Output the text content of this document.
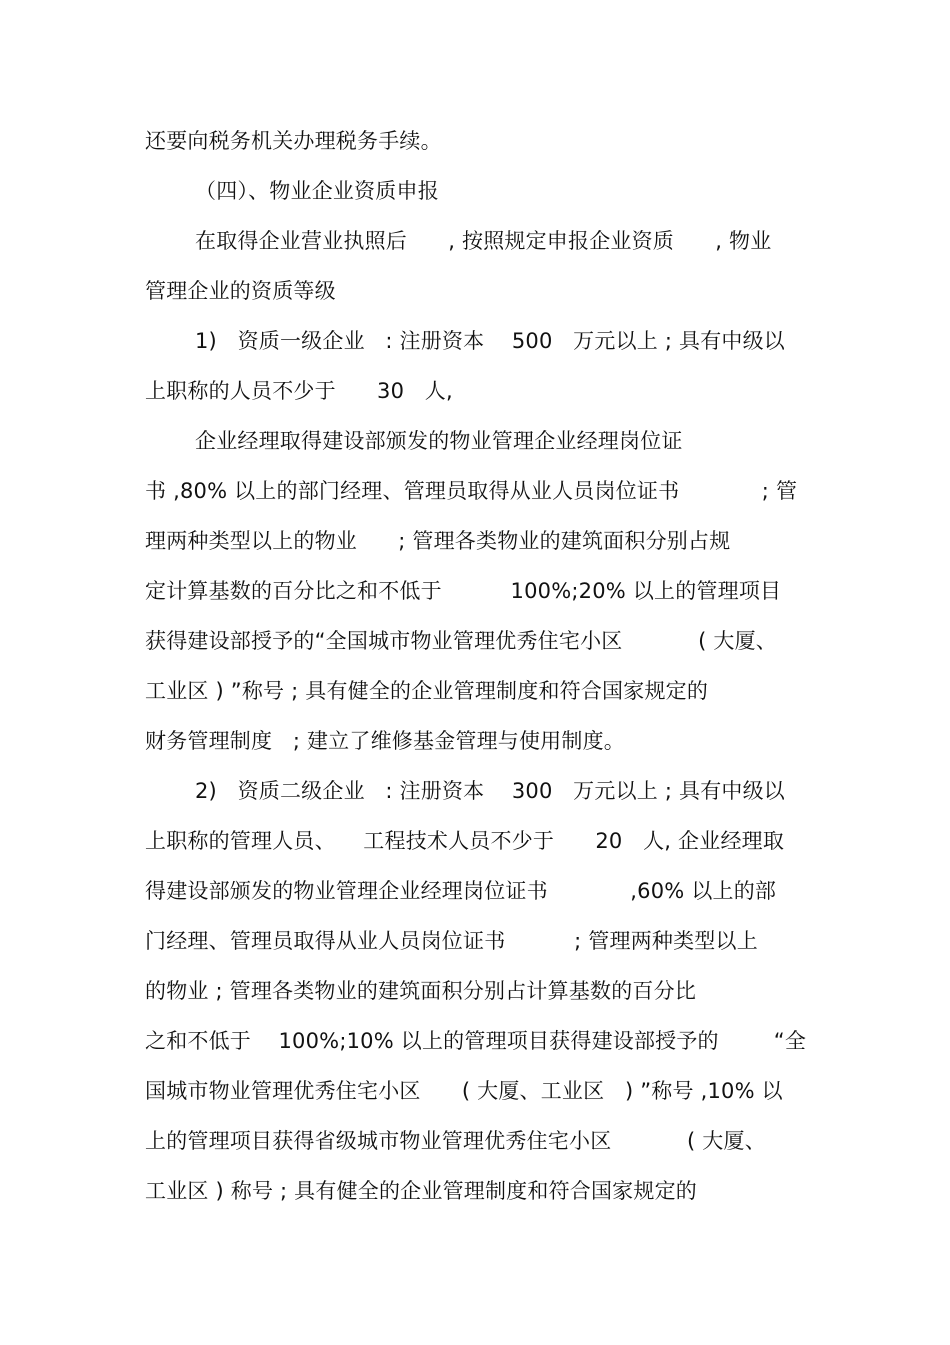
还要向税务机关办理税务手续。
（四）、物业企业资质申报
在取得企业营业执照后      , 按照规定申报企业资质      , 物业
管理企业的资质等级
1)   资质一级企业   : 注册资本    500   万元以上 ; 具有中级以
上职称的人员不少于      30   人,
企业经理取得建设部颁发的物业管理企业经理岗位证
书 ,80% 以上的部门经理、管理员取得从业人员岗位证书            ; 管
理两种类型以上的物业      ; 管理各类物业的建筑面积分别占规
定计算基数的百分比之和不低于          100%;20% 以上的管理项目
获得建设部授予的“全国城市物业管理优秀住宅小区           ( 大厦、
工业区 ) ”称号 ; 具有健全的企业管理制度和符合国家规定的
财务管理制度   ; 建立了维修基金管理与使用制度。
2)   资质二级企业   : 注册资本    300   万元以上 ; 具有中级以
上职称的管理人员、    工程技术人员不少于      20   人, 企业经理取
得建设部颁发的物业管理企业经理岗位证书            ,60% 以上的部
门经理、管理员取得从业人员岗位证书          ; 管理两种类型以上
的物业 ; 管理各类物业的建筑面积分别占计算基数的百分比
之和不低于    100%;10% 以上的管理项目获得建设部授予的        “全
国城市物业管理优秀住宅小区      ( 大厦、工业区   ) ”称号 ,10% 以
上的管理项目获得省级城市物业管理优秀住宅小区           ( 大厦、
工业区 ) 称号 ; 具有健全的企业管理制度和符合国家规定的
